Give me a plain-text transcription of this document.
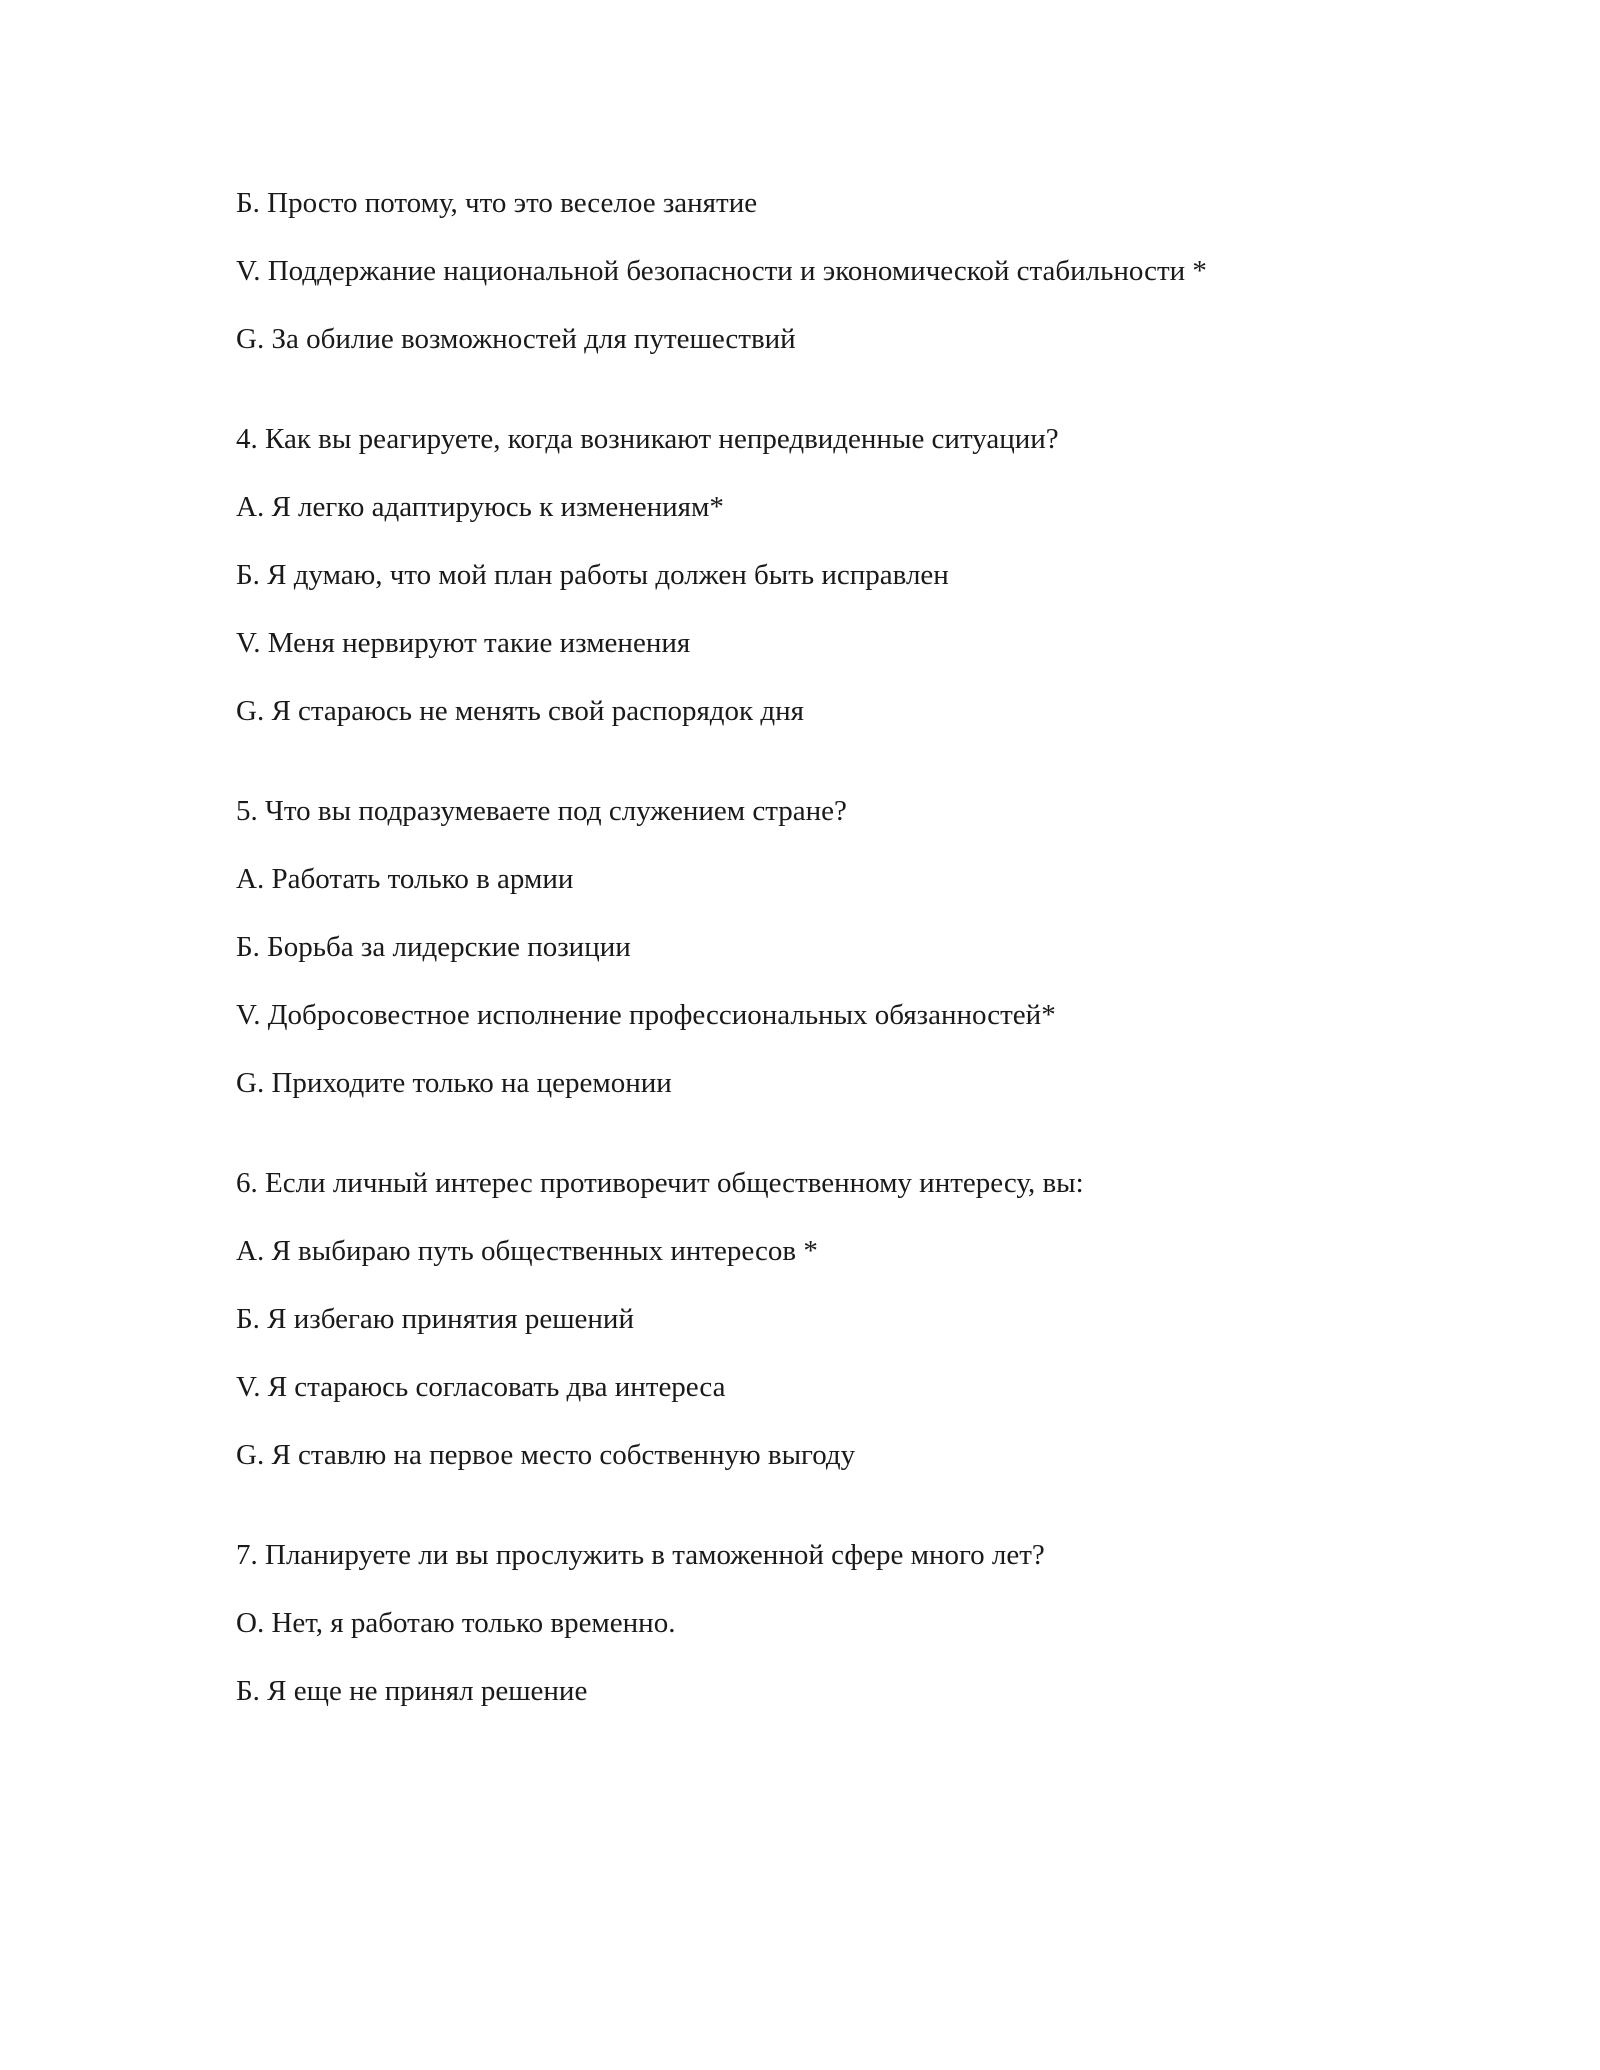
Б. Просто потому, что это веселое занятие
V. Поддержание национальной безопасности и экономической стабильности *
G. За обилие возможностей для путешествий
4. Как вы реагируете, когда возникают непредвиденные ситуации?
A. Я легко адаптируюсь к изменениям*
Б. Я думаю, что мой план работы должен быть исправлен
V. Меня нервируют такие изменения
G. Я стараюсь не менять свой распорядок дня
5. Что вы подразумеваете под служением стране?
A. Работать только в армии
Б. Борьба за лидерские позиции
V. Добросовестное исполнение профессиональных обязанностей*
G. Приходите только на церемонии
6. Если личный интерес противоречит общественному интересу, вы:
A. Я выбираю путь общественных интересов *
Б. Я избегаю принятия решений
V. Я стараюсь согласовать два интереса
G. Я ставлю на первое место собственную выгоду
7. Планируете ли вы прослужить в таможенной сфере много лет?
O. Нет, я работаю только временно.
Б. Я еще не принял решение
